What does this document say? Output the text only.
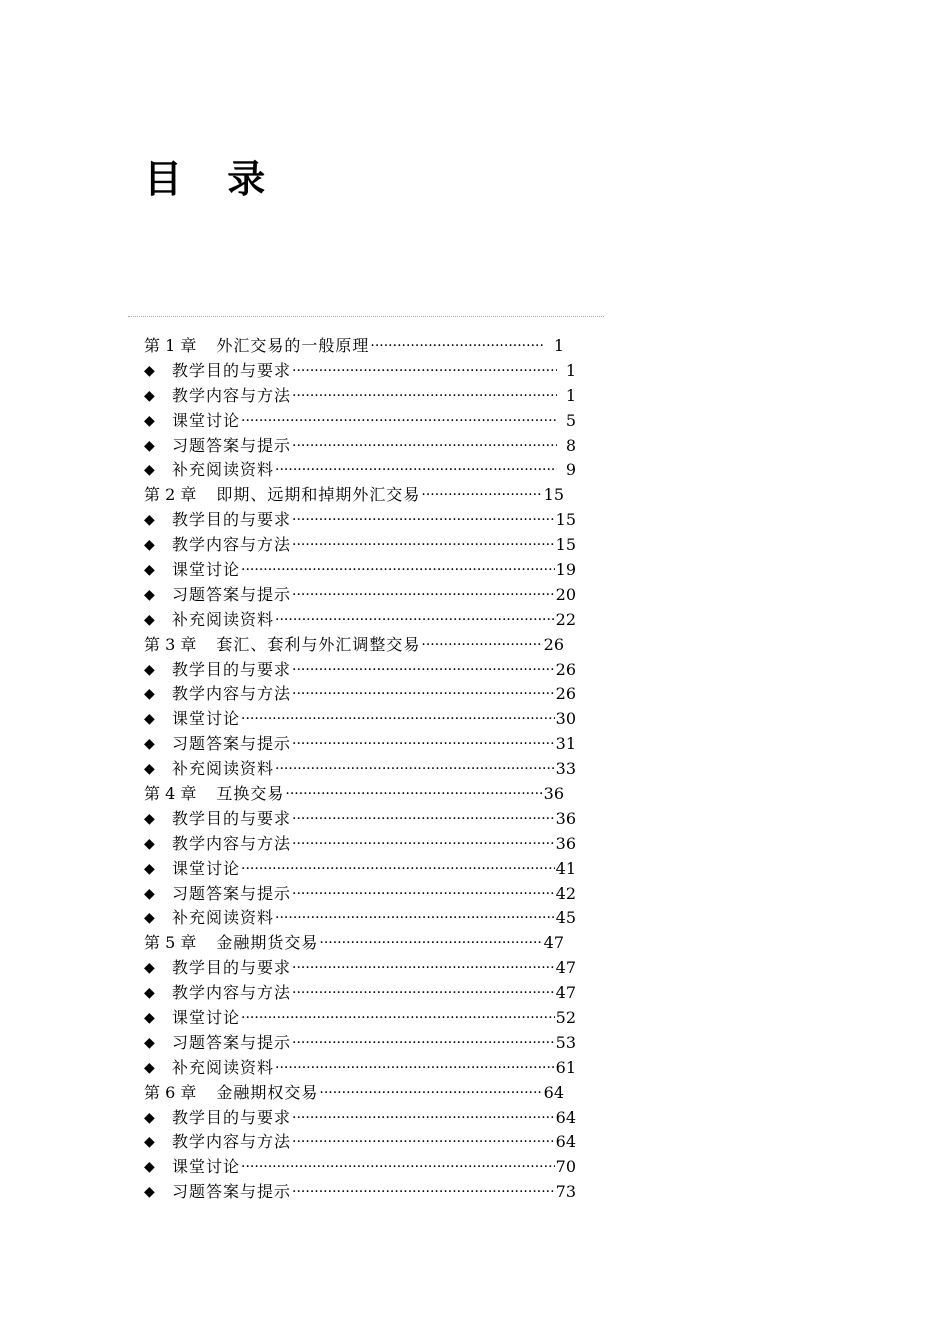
目 录
第 1 章 外汇交易的一般原理 ·····	1
◆	教学目的与要求 ·····	1
◆	教学内容与方法 ·····	1
◆	课堂讨论 ·····	5
◆	习题答案与提示 ·····	8
◆	补充阅读资料 ·····	9
第 2 章 即期、远期和掉期外汇交易 ·····	15
◆	教学目的与要求 ·····	15
◆	教学内容与方法 ·····	15
◆	课堂讨论 ·····	19
◆	习题答案与提示 ·····	20
◆	补充阅读资料 ·····	22
第 3 章 套汇、套利与外汇调整交易 ·····	26
◆	教学目的与要求 ·····	26
◆	教学内容与方法 ·····	26
◆	课堂讨论 ·····	30
◆	习题答案与提示 ·····	31
◆	补充阅读资料 ·····	33
第 4 章 互换交易 ·····	36
◆	教学目的与要求 ·····	36
◆	教学内容与方法 ·····	36
◆	课堂讨论 ·····	41
◆	习题答案与提示 ·····	42
◆	补充阅读资料 ·····	45
第 5 章 金融期货交易 ·····	47
◆	教学目的与要求 ·····	47
◆	教学内容与方法 ·····	47
◆	课堂讨论 ·····	52
◆	习题答案与提示 ·····	53
◆	补充阅读资料 ·····	61
第 6 章 金融期权交易 ·····	64
◆	教学目的与要求 ·····	64
◆	教学内容与方法 ·····	64
◆	课堂讨论 ·····	70
◆	习题答案与提示 ·····	73
